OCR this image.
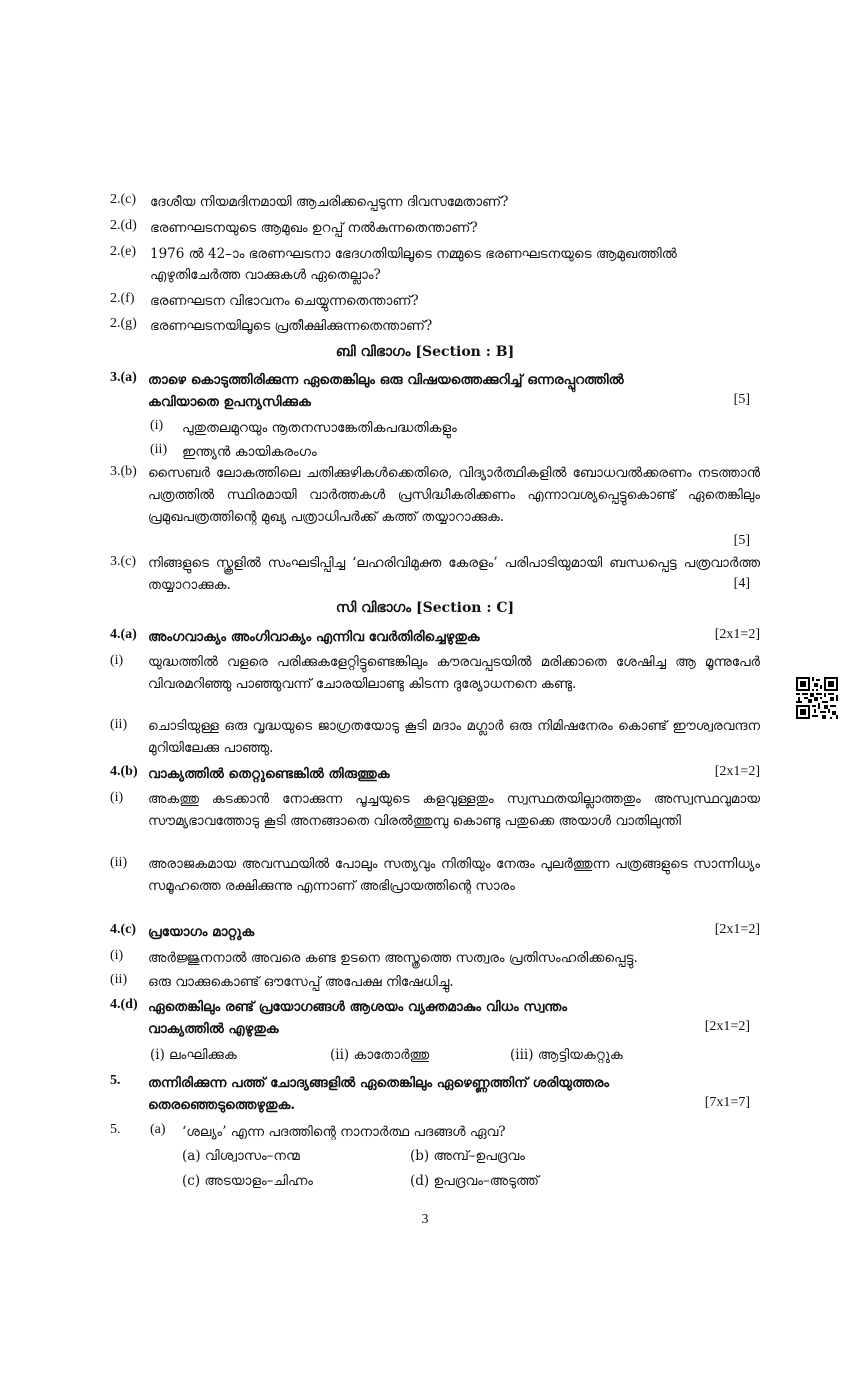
2.(c) ദേശീയ നിയമദിനമായി ആചരിക്കപ്പെടുന്ന ദിവസമേതാണ്?
2.(d) ഭരണഘടനയുടെ ആമുഖം ഉറപ്പ് നൽകുന്നതെന്താണ്?
2.(e) 1976 ൽ 42–ാം ഭരണഘടനാ ഭേദഗതിയിലൂടെ നമ്മുടെ ഭരണഘടനയുടെ ആമുഖത്തിൽ
എഴുതിചേർത്ത വാക്കുകൾ ഏതെല്ലാം?
2.(f) ഭരണഘടന വിഭാവനം ചെയ്യുന്നതെന്താണ്?
2.(g) ഭരണഘടനയിലൂടെ പ്രതീക്ഷിക്കുന്നതെന്താണ്?
ബി വിഭാഗം [Section : B]
3.(a) താഴെ കൊടുത്തിരിക്കുന്ന ഏതെങ്കിലും ഒരു വിഷയത്തെക്കുറിച്ച് ഒന്നരപ്പുറത്തിൽ
കവിയാതെ ഉപന്യസിക്കുക	[5]
(i) പുതുതലമുറയും നൂതനസാങ്കേതികപദ്ധതികളും
(ii) ഇന്ത്യൻ കായികരംഗം
3.(b) സൈബർ ലോകത്തിലെ ചതിക്കുഴികൾക്കെതിരെ, വിദ്യാർത്ഥികളിൽ ബോധവൽക്കരണം നടത്താൻ പത്രത്തിൽ സ്ഥിരമായി വാർത്തകൾ പ്രസിദ്ധീകരിക്കണം എന്നാവശ്യപ്പെട്ടുകൊണ്ട് ഏതെങ്കിലും പ്രമുഖപത്രത്തിന്റെ മുഖ്യ പത്രാധിപർക്ക് കത്ത് തയ്യാറാക്കുക.
[5]
3.(c) നിങ്ങളുടെ സ്കൂളിൽ സംഘടിപ്പിച്ച ‘ലഹരിവിമുക്ത കേരളം’ പരിപാടിയുമായി ബന്ധപ്പെട്ട പത്രവാർത്ത തയ്യാറാക്കുക.	[4]
സി വിഭാഗം [Section : C]
4.(a) അംഗവാക്യം അംഗിവാക്യം എന്നിവ വേർതിരിച്ചെഴുതുക	[2x1=2]
(i) യുദ്ധത്തിൽ വളരെ പരിക്കുകളേറ്റിട്ടുണ്ടെങ്കിലും കൗരവപ്പടയിൽ മരിക്കാതെ ശേഷിച്ച ആ മൂന്നുപേർ വിവരമറിഞ്ഞു പാഞ്ഞുവന്ന് ചോരയിലാണ്ടു കിടന്ന ദുര്യോധനനെ കണ്ടു.
(ii) ചൊടിയുള്ള ഒരു വൃദ്ധയുടെ ജാഗ്രതയോടു കൂടി മദാം മഗ്ലാർ ഒരു നിമിഷനേരം കൊണ്ട് ഈശ്വരവന്ദന മുറിയിലേക്കു പാഞ്ഞു.
4.(b) വാക്യത്തിൽ തെറ്റുണ്ടെങ്കിൽ തിരുത്തുക	[2x1=2]
(i) അകത്തു കടക്കാൻ നോക്കുന്ന പൂച്ചയുടെ കളവുള്ളതും സ്വസ്ഥതയില്ലാത്തതും അസ്വസ്ഥവുമായ സൗമ്യഭാവത്തോടു കൂടി അനങ്ങാതെ വിരൽത്തുമ്പു കൊണ്ടു പതുക്കെ അയാൾ വാതിലുന്തി
(ii) അരാജകമായ അവസ്ഥയിൽ പോലും സത്യവും നിതിയും നേരും പുലർത്തുന്ന പത്രങ്ങളുടെ സാന്നിധ്യം സമൂഹത്തെ രക്ഷിക്കുന്നു എന്നാണ് അഭിപ്രായത്തിന്റെ സാരം
4.(c) പ്രയോഗം മാറ്റുക	[2x1=2]
(i) അർജ്ജുനനാൽ അവരെ കണ്ട ഉടനെ അസ്ത്രത്തെ സത്വരം പ്രതിസംഹരിക്കപ്പെട്ടു.
(ii) ഒരു വാക്കുകൊണ്ട് ഔസേപ്പ് അപേക്ഷ നിഷേധിച്ചു.
4.(d) ഏതെങ്കിലും രണ്ട് പ്രയോഗങ്ങൾ ആശയം വ്യക്തമാകും വിധം സ്വന്തം
വാക്യത്തിൽ എഴുതുക	[2x1=2]
(i) ലംഘിക്കുക	(ii) കാതോർത്തു	(iii) ആട്ടിയകറ്റുക
5. തന്നിരിക്കുന്ന പത്ത് ചോദ്യങ്ങളിൽ ഏതെങ്കിലും ഏഴെണ്ണത്തിന് ശരിയുത്തരം
തെരഞ്ഞെടുത്തെഴുതുക.	[7x1=7]
5. (a) ‘ശല്യം’ എന്ന പദത്തിന്റെ നാനാർത്ഥ പദങ്ങൾ ഏവ?
(a) വിശ്വാസം–നന്മ	(b) അമ്പ്–ഉപദ്രവം
(c) അടയാളം–ചിഹ്നം	(d) ഉപദ്രവം–അടുത്ത്
3
